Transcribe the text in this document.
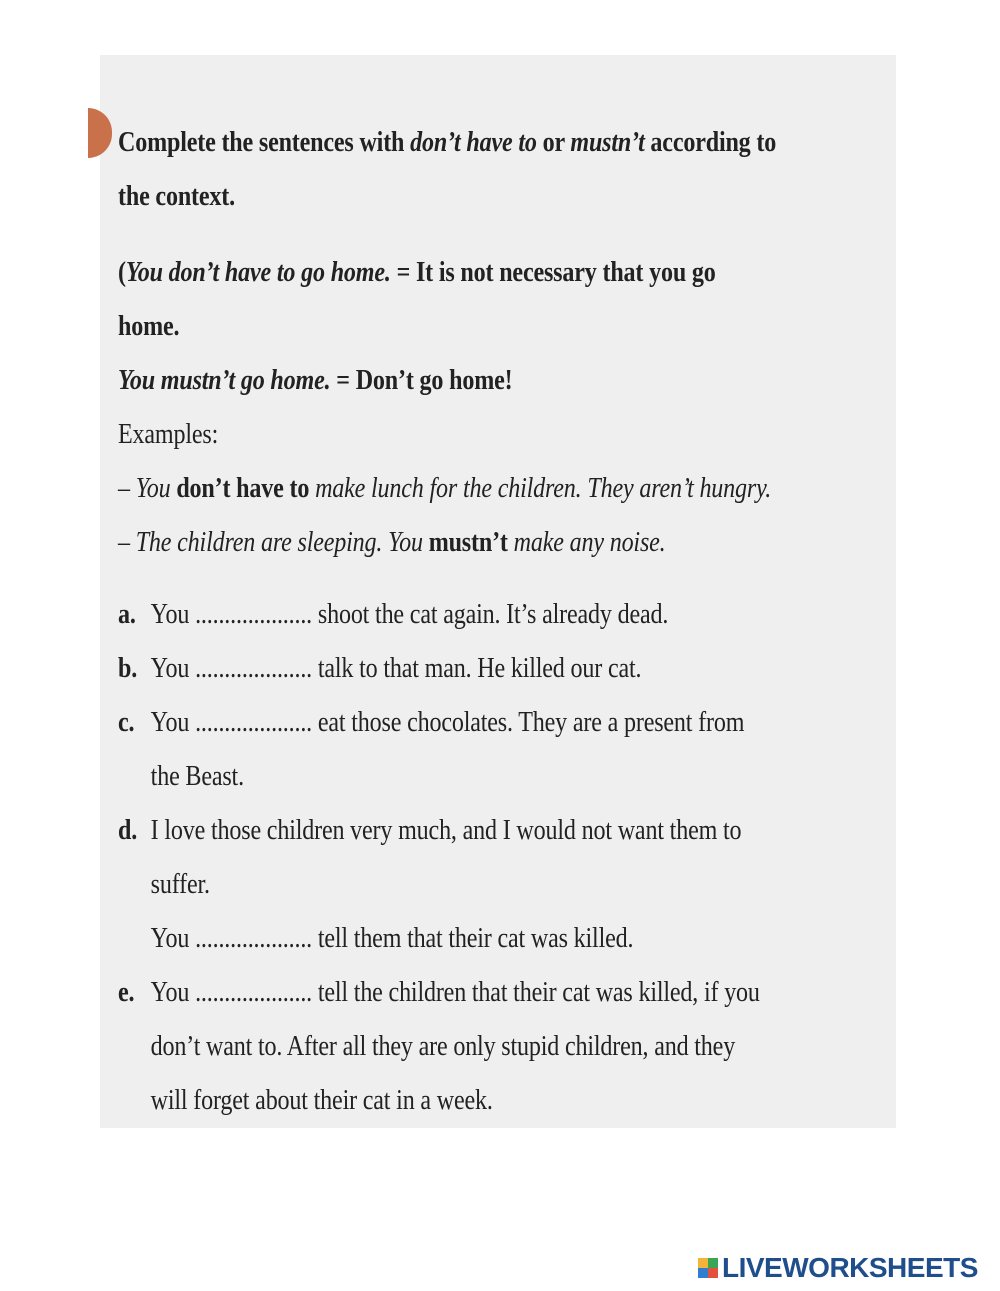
Complete the sentences with don’t have to or mustn’t according to

the context.

(You don’t have to go home. = It is not necessary that you go home.

You mustn’t go home. = Don’t go home!

Examples:

– You don’t have to make lunch for the children. They aren’t hungry.

– The children are sleeping. You mustn’t make any noise.

a. You .................... shoot the cat again. It’s already dead.
b. You .................... talk to that man. He killed our cat.
c. You .................... eat those chocolates. They are a present from
the Beast.
d. I love those children very much, and I would not want them to suffer.
You .................... tell them that their cat was killed.
e. You .................... tell the children that their cat was killed, if you
don’t want to. After all they are only stupid children, and they
will forget about their cat in a week.
LIVEWORKSHEETS
